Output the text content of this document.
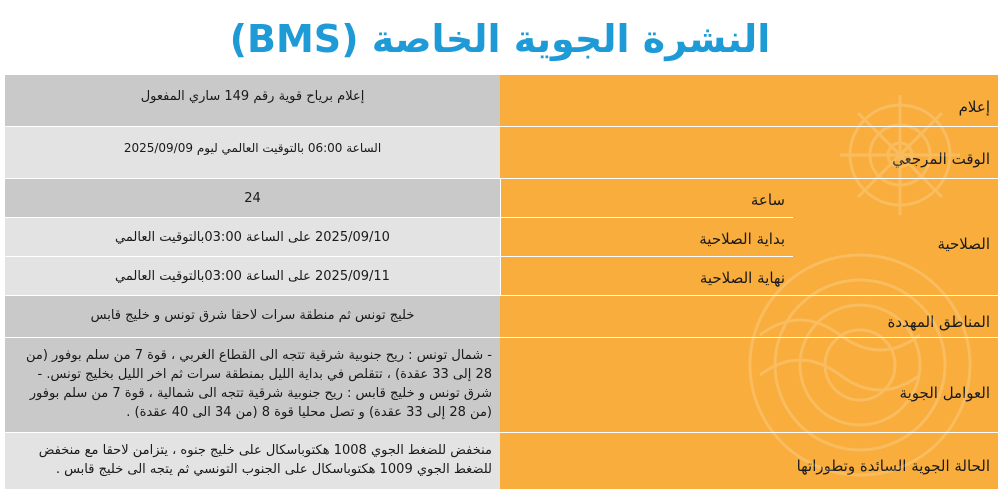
النشرة الجوية الخاصة (BMS)
إعلام
إعلام برياح قوية رقم 149 ساري المفعول
الوقت المرجعي
الساعة 06:00 بالتوقيت العالمي ليوم 2025/09/09
الصلاحية
ساعة
24
بداية الصلاحية
2025/09/10 على الساعة 03:00بالتوقيت العالمي
نهاية الصلاحية
2025/09/11 على الساعة 03:00بالتوقيت العالمي
المناطق المهددة
خليج تونس ثم منطقة سرات لاحقا شرق تونس و خليج قابس
العوامل الجوية
- شمال تونس : ريح جنوبية شرقية تتجه الى القطاع الغربي ، قوة 7 من سلم بوفور (من 28 إلى 33 عقدة) ، تتقلص في بداية الليل بمنطقة سرات ثم اخر الليل بخليج تونس. - شرق تونس و خليج قابس : ريح جنوبية شرقية تتجه الى شمالية ، قوة 7 من سلم بوفور (من 28 إلى 33 عقدة) و تصل محليا قوة 8 (من 34 الى 40 عقدة) .
الحالة الجوية السائدة وتطوراتها
منخفض للضغط الجوي 1008 هكتوباسكال على خليج جنوه ، يتزامن لاحقا مع منخفض للضغط الجوي 1009 هكتوباسكال على الجنوب التونسي ثم يتجه الى خليج قابس .
